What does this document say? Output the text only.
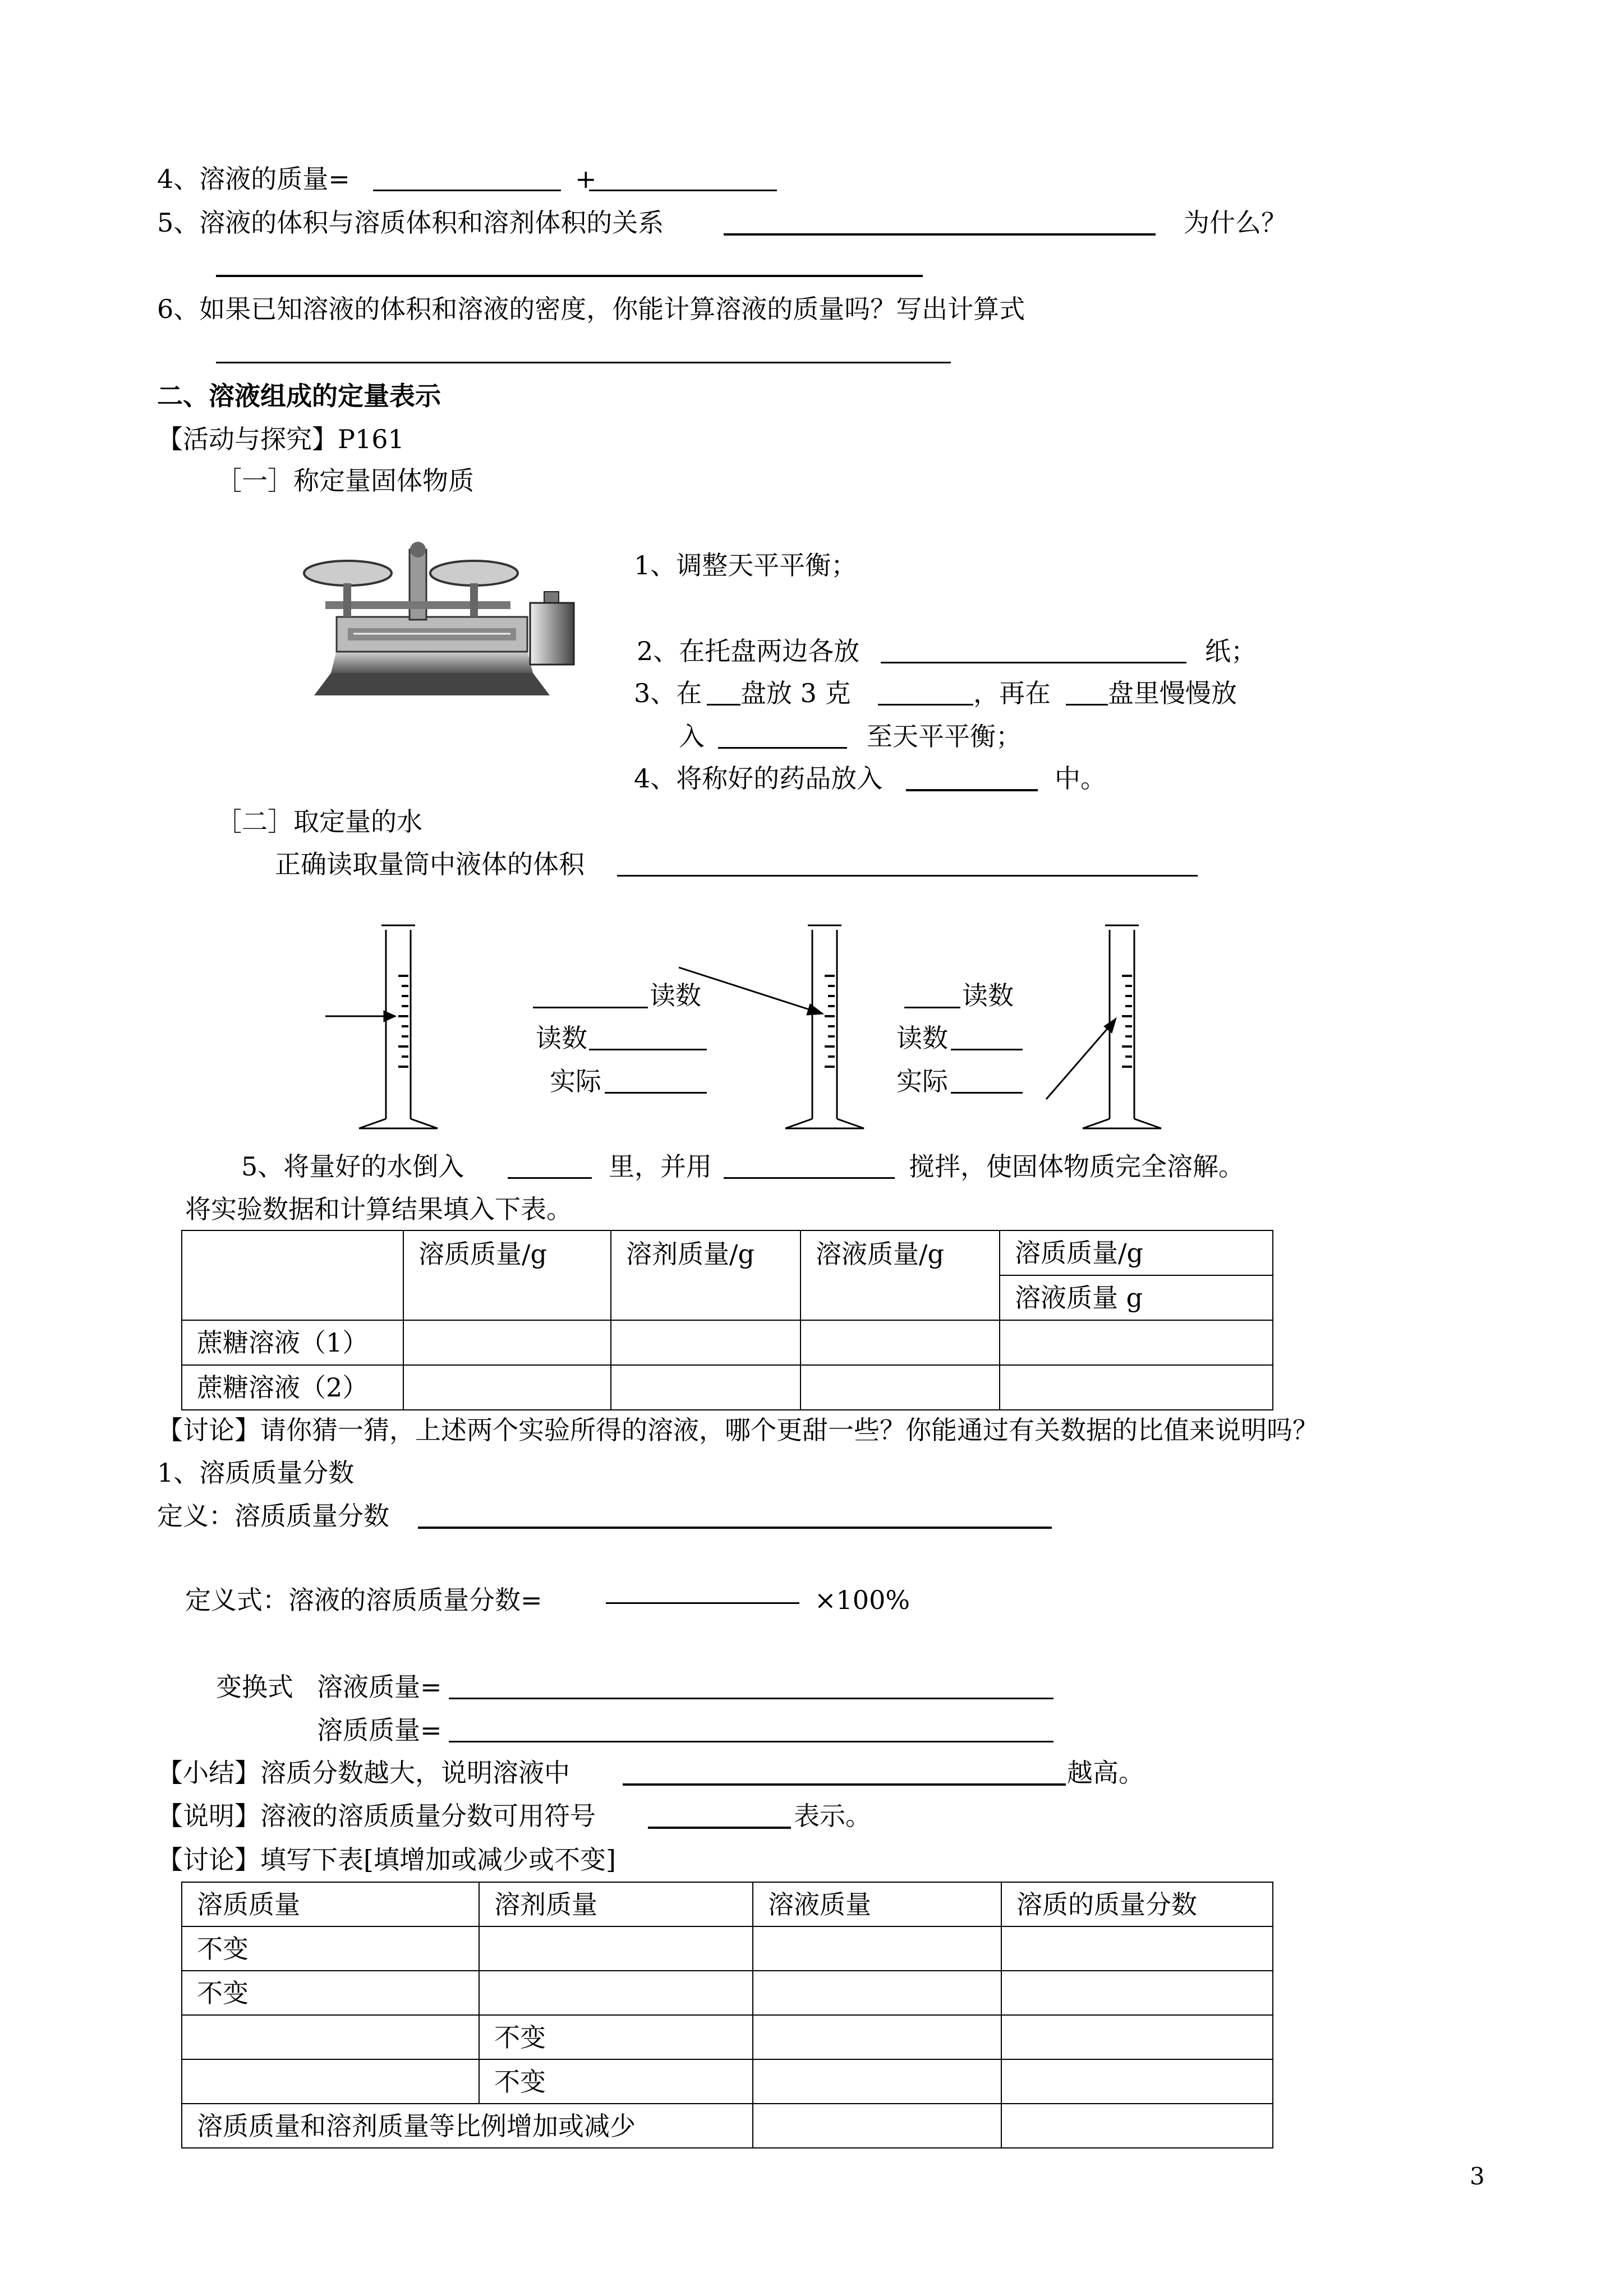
4、溶液的质量=	+
5、溶液的体积与溶质体积和溶剂体积的关系	为什么？
6、如果已知溶液的体积和溶液的密度，你能计算溶液的质量吗？写出计算式
二、溶液组成的定量表示
【活动与探究】P161
［一］称定量固体物质
1、调整天平平衡；
2、在托盘两边各放	纸；
3、在 盘放 3 克	，再在 盘里慢慢放
入	至天平平衡；
4、将称好的药品放入	中。
［二］取定量的水
正确读取量筒中液体的体积
读数
读数
实际
读数
读数
实际
5、将量好的水倒入	里，并用	搅拌，使固体物质完全溶解。
将实验数据和计算结果填入下表。
	溶质质量/g	溶剂质量/g	溶液质量/g	溶质质量/g
				溶液质量 g
蔗糖溶液（1）				
蔗糖溶液（2）				
【讨论】请你猜一猜，上述两个实验所得的溶液，哪个更甜一些？你能通过有关数据的比值来说明吗？
1、溶质质量分数
定义：溶质质量分数
定义式：溶液的溶质质量分数=	×100%
变换式 溶液质量=
溶质质量=
【小结】溶质分数越大，说明溶液中	越高。
【说明】溶液的溶质质量分数可用符号	表示。
【讨论】填写下表[填增加或减少或不变]
溶质质量	溶剂质量	溶液质量	溶质的质量分数
不变			
不变			
	不变		
	不变		
溶质质量和溶剂质量等比例增加或减少			
3
